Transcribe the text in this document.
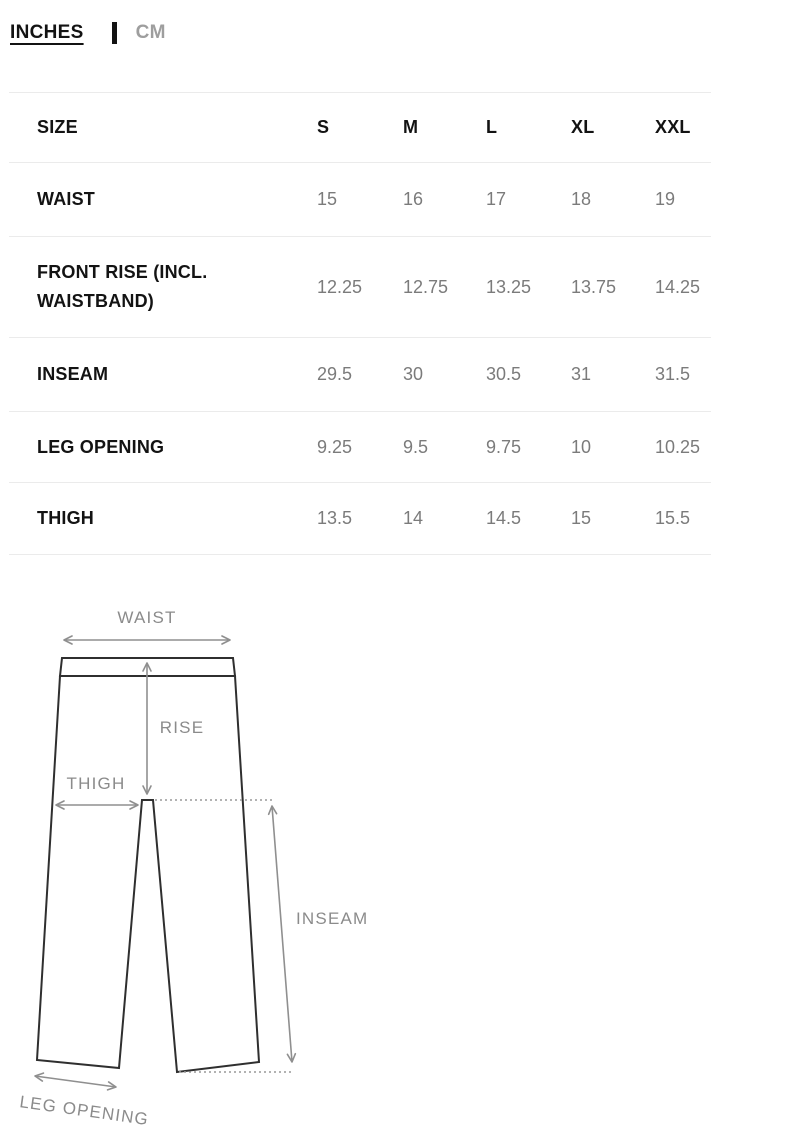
INCHES	CM
SIZE	S	M	L	XL	XXL
WAIST	15	16	17	18	19
FRONT RISE (INCL. WAISTBAND)	12.25	12.75	13.25	13.75	14.25
INSEAM	29.5	30	30.5	31	31.5
LEG OPENING	9.25	9.5	9.75	10	10.25
THIGH	13.5	14	14.5	15	15.5
WAIST
RISE
THIGH
INSEAM
LEG OPENING
